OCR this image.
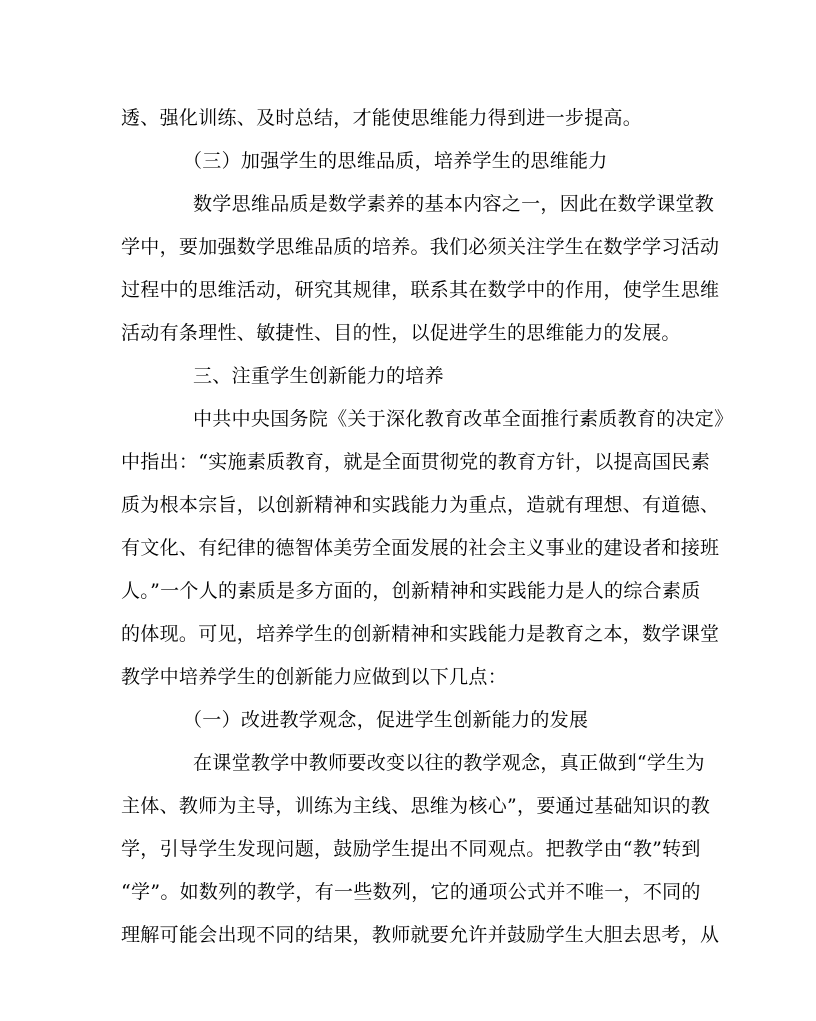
透、强化训练、及时总结，才能使思维能力得到进一步提高。
（三）加强学生的思维品质，培养学生的思维能力
数学思维品质是数学素养的基本内容之一，因此在数学课堂教
学中，要加强数学思维品质的培养。我们必须关注学生在数学学习活动
过程中的思维活动，研究其规律，联系其在数学中的作用，使学生思维
活动有条理性、敏捷性、目的性，以促进学生的思维能力的发展。
三、注重学生创新能力的培养
中共中央国务院《关于深化教育改革全面推行素质教育的决定》
中指出：“实施素质教育，就是全面贯彻党的教育方针，以提高国民素
质为根本宗旨，以创新精神和实践能力为重点，造就有理想、有道德、
有文化、有纪律的德智体美劳全面发展的社会主义事业的建设者和接班
人。”一个人的素质是多方面的，创新精神和实践能力是人的综合素质
的体现。可见，培养学生的创新精神和实践能力是教育之本，数学课堂
教学中培养学生的创新能力应做到以下几点：
（一）改进教学观念，促进学生创新能力的发展
在课堂教学中教师要改变以往的教学观念，真正做到“学生为
主体、教师为主导，训练为主线、思维为核心”，要通过基础知识的教
学，引导学生发现问题，鼓励学生提出不同观点。把教学由“教”转到
“学”。如数列的教学，有一些数列，它的通项公式并不唯一，不同的
理解可能会出现不同的结果，教师就要允许并鼓励学生大胆去思考，从
